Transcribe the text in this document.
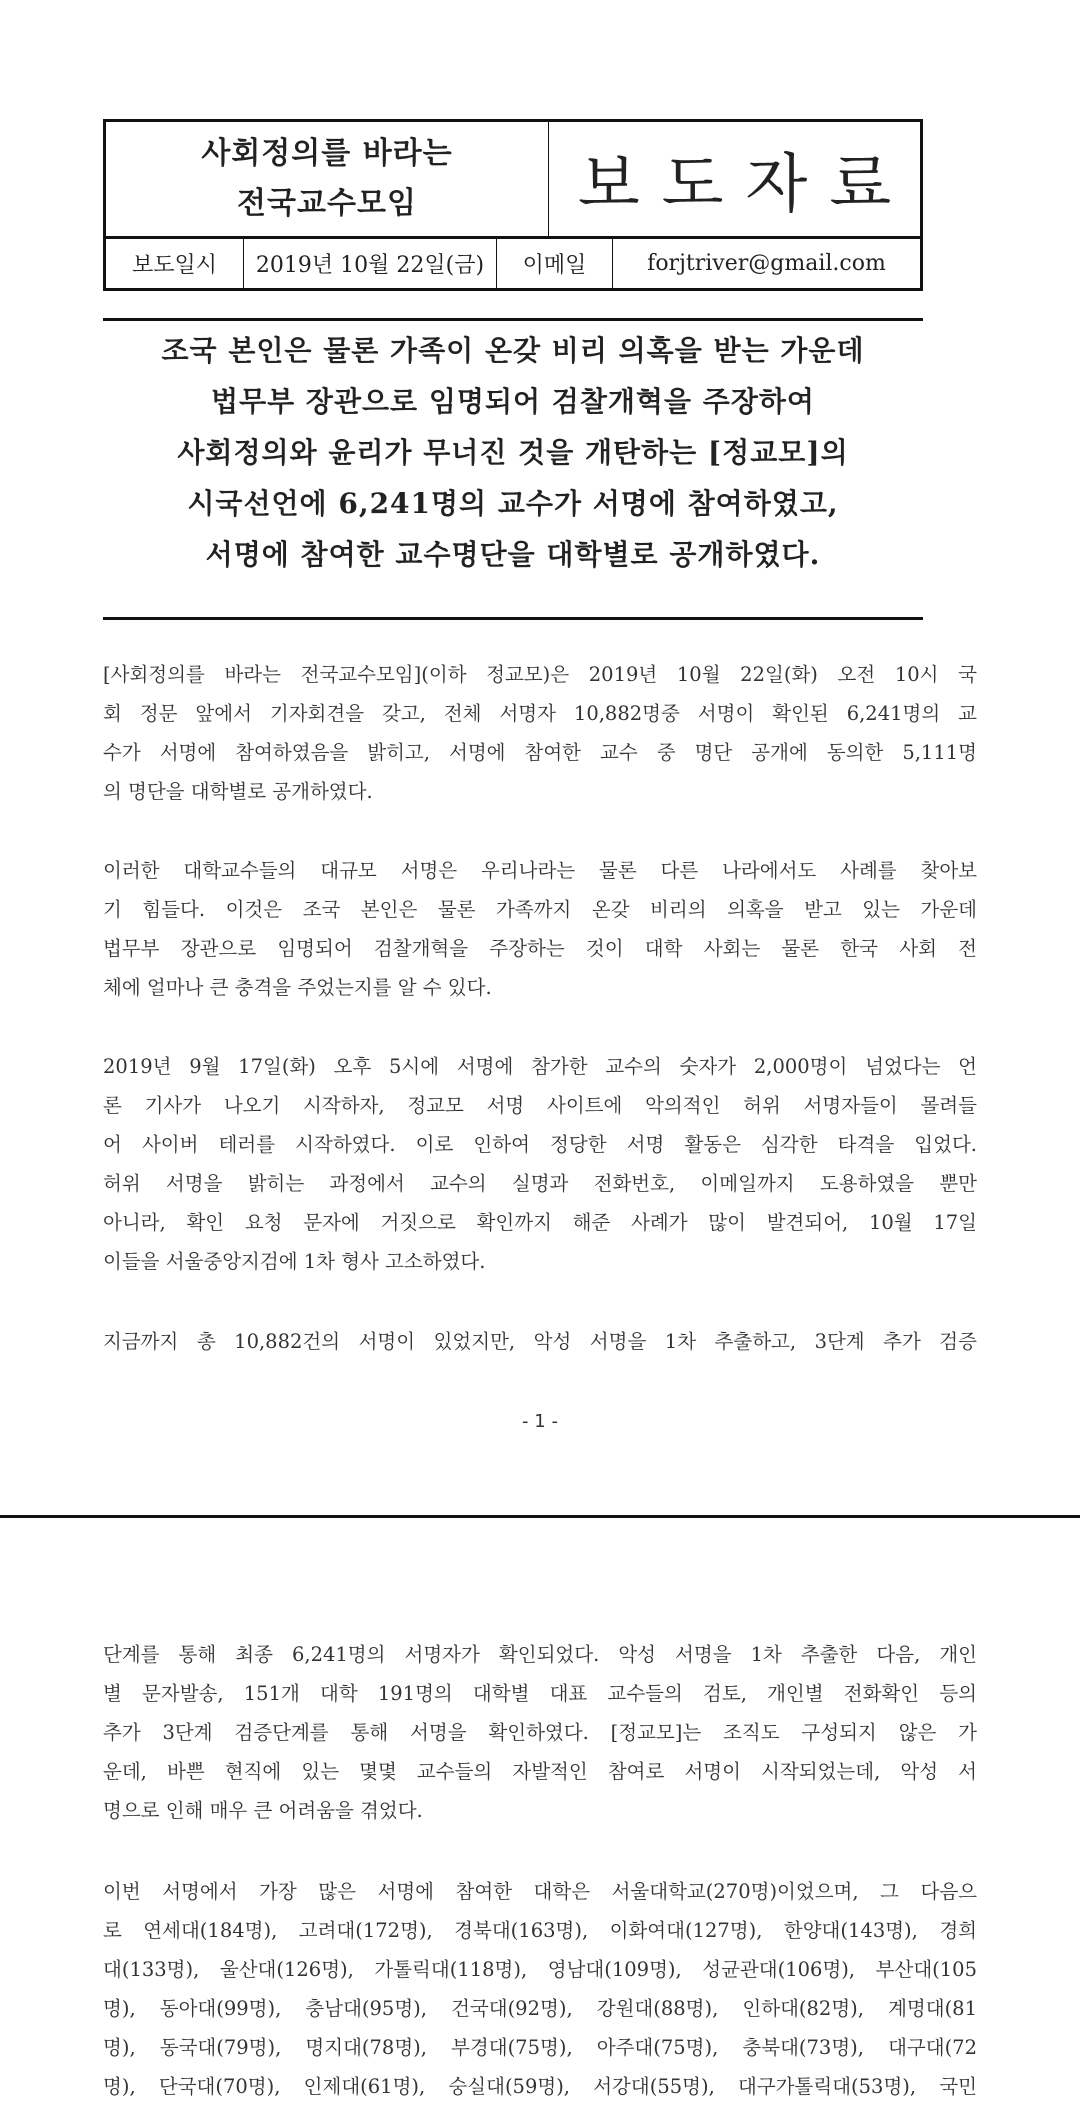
사회정의를 바라는
전국교수모임	보도자료
보도일시	2019년 10월 22일(금)	이메일	forjtriver@gmail.com
조국 본인은 물론 가족이 온갖 비리 의혹을 받는 가운데
법무부 장관으로 임명되어 검찰개혁을 주장하여
사회정의와 윤리가 무너진 것을 개탄하는 [정교모]의
시국선언에 6,241명의 교수가 서명에 참여하였고,
서명에 참여한 교수명단을 대학별로 공개하였다.
[사회정의를 바라는 전국교수모임](이하 정교모)은 2019년 10월 22일(화) 오전 10시 국
회 정문 앞에서 기자회견을 갖고, 전체 서명자 10,882명중 서명이 확인된 6,241명의 교
수가 서명에 참여하였음을 밝히고, 서명에 참여한 교수 중 명단 공개에 동의한 5,111명
의 명단을 대학별로 공개하였다.
이러한 대학교수들의 대규모 서명은 우리나라는 물론 다른 나라에서도 사례를 찾아보
기 힘들다. 이것은 조국 본인은 물론 가족까지 온갖 비리의 의혹을 받고 있는 가운데
법무부 장관으로 임명되어 검찰개혁을 주장하는 것이 대학 사회는 물론 한국 사회 전
체에 얼마나 큰 충격을 주었는지를 알 수 있다.
2019년 9월 17일(화) 오후 5시에 서명에 참가한 교수의 숫자가 2,000명이 넘었다는 언
론 기사가 나오기 시작하자, 정교모 서명 사이트에 악의적인 허위 서명자들이 몰려들
어 사이버 테러를 시작하였다. 이로 인하여 정당한 서명 활동은 심각한 타격을 입었다.
허위 서명을 밝히는 과정에서 교수의 실명과 전화번호, 이메일까지 도용하였을 뿐만
아니라, 확인 요청 문자에 거짓으로 확인까지 해준 사례가 많이 발견되어, 10월 17일
이들을 서울중앙지검에 1차 형사 고소하였다.
지금까지 총 10,882건의 서명이 있었지만, 악성 서명을 1차 추출하고, 3단계 추가 검증
- 1 -
단계를 통해 최종 6,241명의 서명자가 확인되었다. 악성 서명을 1차 추출한 다음, 개인
별 문자발송, 151개 대학 191명의 대학별 대표 교수들의 검토, 개인별 전화확인 등의
추가 3단계 검증단계를 통해 서명을 확인하였다. [정교모]는 조직도 구성되지 않은 가
운데, 바쁜 현직에 있는 몇몇 교수들의 자발적인 참여로 서명이 시작되었는데, 악성 서
명으로 인해 매우 큰 어려움을 겪었다.
이번 서명에서 가장 많은 서명에 참여한 대학은 서울대학교(270명)이었으며, 그 다음으
로 연세대(184명), 고려대(172명), 경북대(163명), 이화여대(127명), 한양대(143명), 경희
대(133명), 울산대(126명), 가톨릭대(118명), 영남대(109명), 성균관대(106명), 부산대(105
명), 동아대(99명), 충남대(95명), 건국대(92명), 강원대(88명), 인하대(82명), 계명대(81
명), 동국대(79명), 명지대(78명), 부경대(75명), 아주대(75명), 충북대(73명), 대구대(72
명), 단국대(70명), 인제대(61명), 숭실대(59명), 서강대(55명), 대구가톨릭대(53명), 국민
